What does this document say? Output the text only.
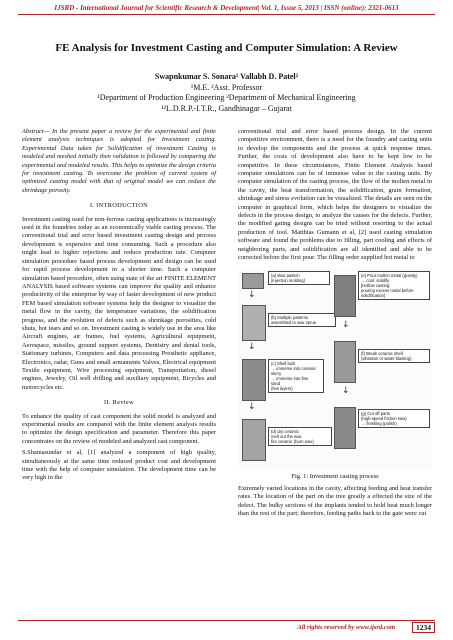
IJSRD - International Journal for Scientific Research & Development| Vol. 1, Issue 5, 2013 | ISSN (online): 2321-0613
FE Analysis for Investment Casting and Computer Simulation: A Review
Swapnkumar S. Sonara¹ Vallabh D. Patel²
¹M.E. ²Asst. Professor
¹Department of Production Engineering ²Department of Mechanical Engineering
¹²L.D.R.P.-I.T.R., Gandhinagar – Gujarat

Abstract— In the present paper a review for the experimental and finite element analysis techniques is adopted for Investment casting. Experimental Data taken for Solidification of investment Casting is modeled and meshed initially then validation is followed by comparing the experimental and modeled results. This helps to optimize the design criteria for investment casting. To overcome the problem of current system of optimized casting model with that of original model we can reduce the shrinkage porosity.

I. INTRODUCTION

Investment casting used for non-ferrous casting applications is increasingly used in the foundries today as an economically viable casting process. The conventional trial and error based investment casting design and process development is expensive and time consuming. Such a procedure also might lead to higher rejections and reduce production rate. Computer simulation procedure based process development and design can be used for rapid process development in a shorter time. Such a computer simulation based procedure, often using state of the art FINITE ELEMENT ANALYSIS based software systems can improve the quality and enhance productivity of the enterprise by way of faster development of new product FEM based simulation software systems help the designer to visualize the metal flow in the cavity, the temperature variations, the solidification progress, and the evolution of defects such as shrinkage porosities, cold shuts, hot tears and so on. Investment casting is widely use in the area like Aircraft engines, air frames, fuel systems, Agricultural equipment, Aerospace, missiles, ground support systems, Dentistry and dental tools, Stationary turbines, Computers and data processing Prosthetic appliance, Electronics, radar, Guns and small armaments Valves, Electrical equipment Textile equipment, Wire processing equipment, Transportation, diesel engines, Jewelry, Oil well drilling and auxiliary equipment, Bicycles and motorcycles etc.

II. Review

To enhance the quality of cast component the solid model is analyzed and experimental results are compared with the finite element analysis results to optimize the design specification and parameter. Therefore this paper concentrates on the review of modeled and analyzed cast component.

S.Shamasundar et al, [1] analyzed a component of high quality, simultaneously at the same time reduced product cost and development time with the help of computer simulation. The development time can be very high in the

conventional trial and error based process design. In the current competitive environment, there is a need for the foundry and casting units to develop the components and the process at quick response times. Further, the costs of development also have to be kept low to be competitive. In these circumstances, Finite Element Analysis based computer simulations can be of immense value to the casting units. By computer simulation of the casting process, the flow of the molten metal in the cavity, the heat transformation, the solidification, grain formation, shrinkage and stress evolution can be visualized. The details are seen on the computer in graphical form, which helps the designers to visualize the defects in the process design, to analyze the causes for the defects. Further, the modified gating designs can be tried without resorting to the actual production of tool. Matthias Gumann et al, [2] used casting simulation software and found the problems due to filling, part cooling and effects of neighboring parts, and solidification are all identified and able to be corrected before the first pour. The filling order supplied hot metal to

(a) Wax pattern
(injection molding)
↓
(b) Multiple patterns
assembled to wax sprue
↓
(c) Shell built
→ immerse into ceramic
slurry
→ immerse into fine
sand
(few layers)
↓
(d) dry ceramic
melt out the wax
fire ceramic (burn wax)
(e) Pour molten metal (gravity)
→ cool, solidify
[Hollow casting:
pouring excess metal before
solidification]
↓
(f) Break ceramic shell
(vibration or water blasting)
↓
(g) Cut off parts
(high-speed friction saw)
→ finishing (polish)
Fig. 1: Investment casting process

Extremely varied locations in the cavity, affecting feeding and heat transfer rates. The location of the part on the tree greatly a effected the size of the defect. The bulky sections of the implants tended to hold heat much longer than the rest of the part; therefore, feeding paths back to the gate were cut

All rights reserved by www.ijsrd.com	1234
